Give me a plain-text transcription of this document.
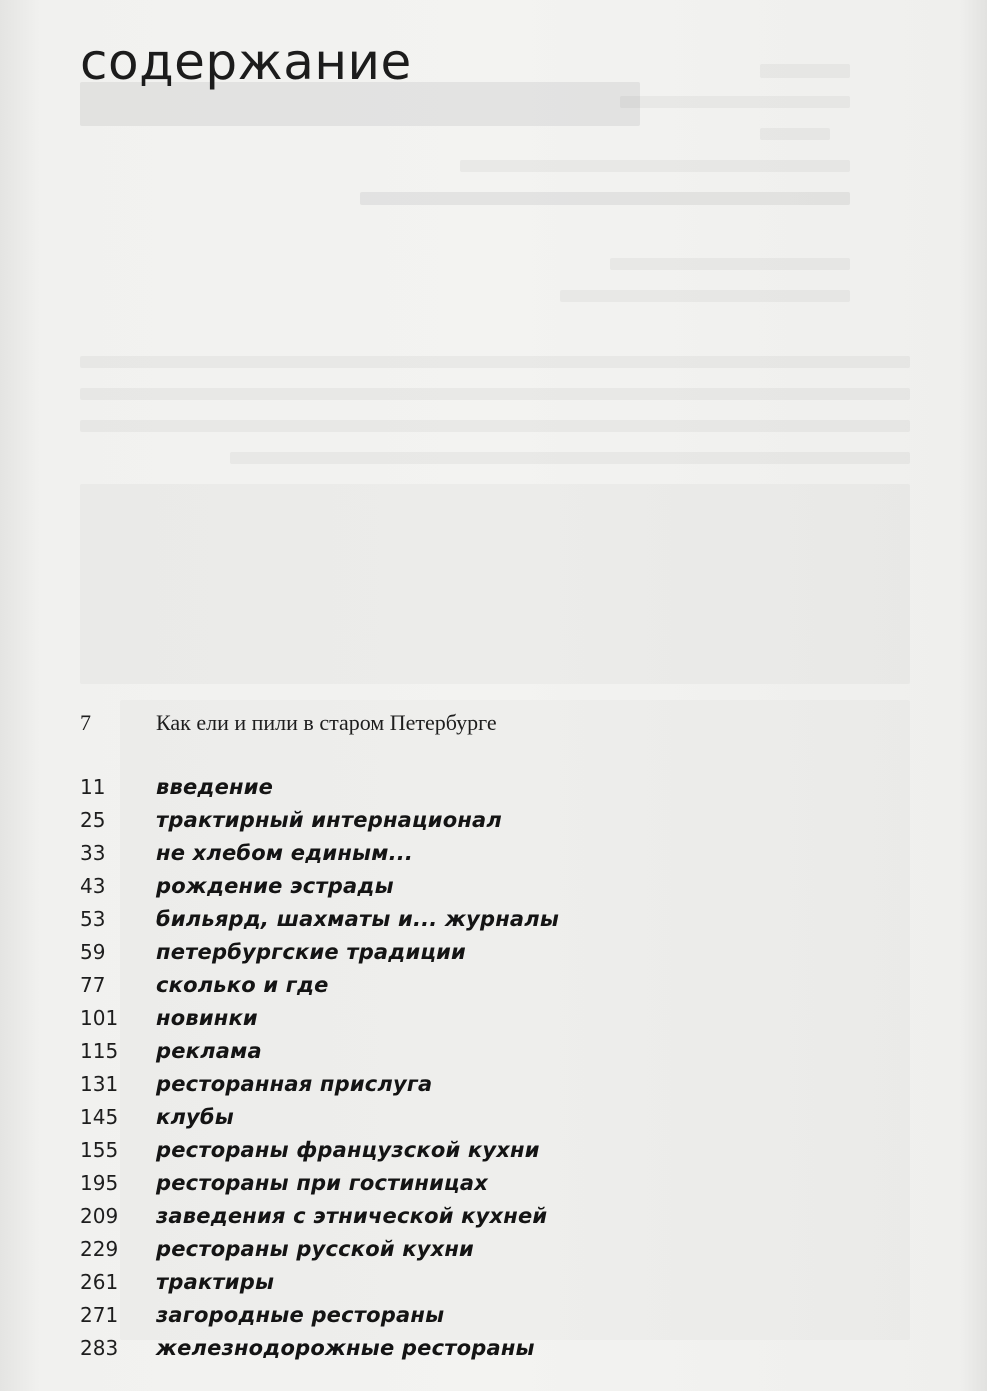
содержание
7	Как ели и пили в старом Петербурге
11 введение
25 трактирный интернационал
33 не хлебом единым...
43 рождение эстрады
53 бильярд, шахматы и... журналы
59 петербургские традиции
77 сколько и где
101 новинки
115 реклама
131 ресторанная прислуга
145 клубы
155 рестораны французской кухни
195 рестораны при гостиницах
209 заведения с этнической кухней
229 рестораны русской кухни
261 трактиры
271 загородные рестораны
283 железнодорожные рестораны
